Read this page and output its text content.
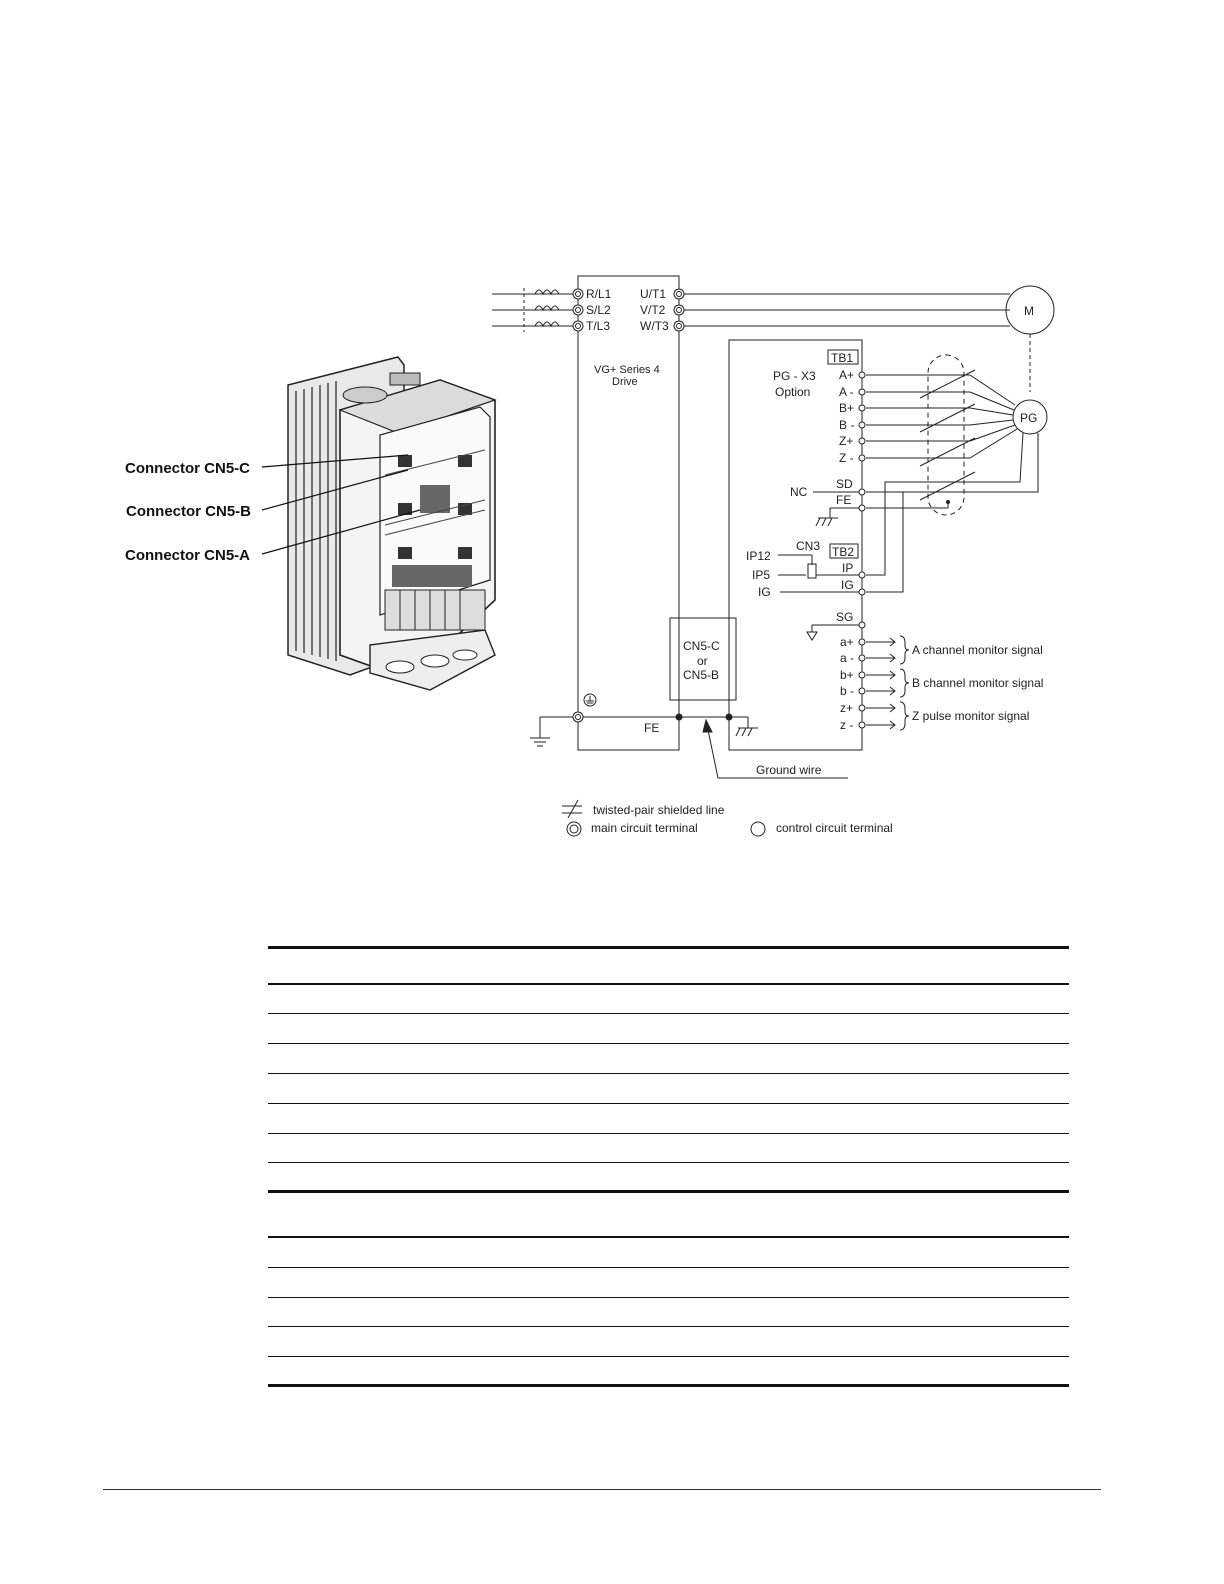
Connector CN5-C
Connector CN5-B
Connector CN5-A
R/L1
S/L2
T/L3
U/T1
V/T2
W/T3
M
PG
PG - X3
Option
TB1
A+
A -
B+
B -
Z+
Z -
SD
FE
NC
CN3 TB2
IP12
IP5
IG
IP
IG
SG
a+
a -
b+
b -
z+
z -
A channel monitor signal
B channel monitor signal
Z pulse monitor signal
CN5-C
or
CN5-B
FE
Ground wire
twisted-pair shielded line
main circuit terminal	control circuit terminal
VG+ Series 4
Drive
